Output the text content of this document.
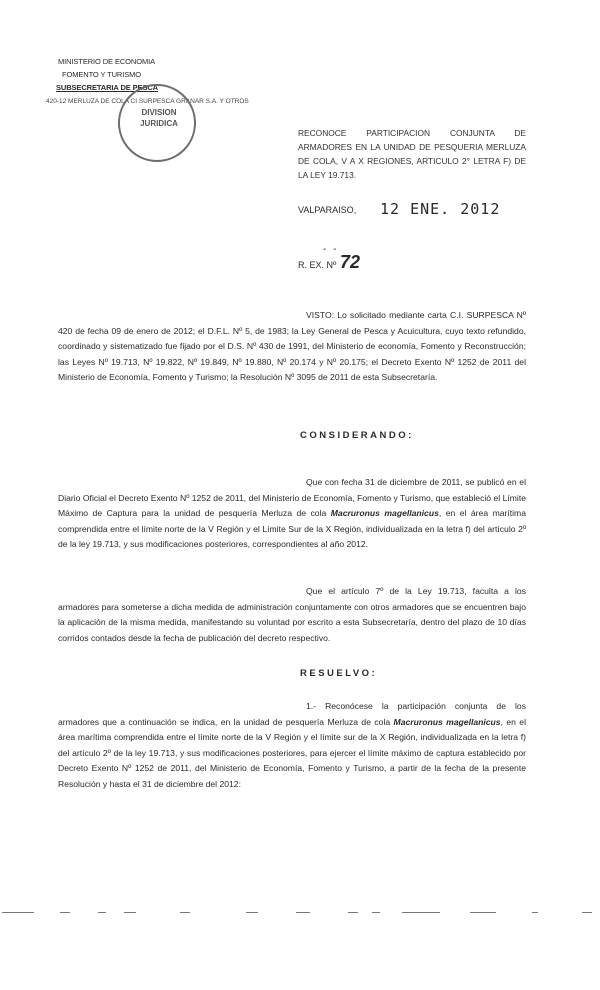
MINISTERIO DE ECONOMIA
FOMENTO Y TURISMO
SUBSECRETARIA DE PESCA
420-12 MERLUZA DE COLA CI SURPESCA GRANAR S.A. Y OTROS
DIVISION
JURIDICA
RECONOCE PARTICIPACION CONJUNTA DE ARMADORES EN LA UNIDAD DE PESQUERIA MERLUZA DE COLA, V A X REGIONES, ARTICULO 2° LETRA F) DE LA LEY 19.713.
VALPARAISO, 12 ENE. 2012
- -
R. EX. Nº 72
VISTO: Lo solicitado mediante carta C.I. SURPESCA Nº 420 de fecha 09 de enero de 2012; el D.F.L. Nº 5, de 1983; la Ley General de Pesca y Acuicultura, cuyo texto refundido, coordinado y sistematizado fue fijado por el D.S. Nº 430 de 1991, del Ministerio de economía, Fomento y Reconstrucción; las Leyes Nº 19.713, Nº 19.822, Nº 19.849, Nº 19.880, Nº 20.174 y Nº 20.175; el Decreto Exento Nº 1252 de 2011 del Ministerio de Economía, Fomento y Turismo; la Resolución Nº 3095 de 2011 de esta Subsecretaría.
CONSIDERANDO:
Que con fecha 31 de diciembre de 2011, se publicó en el Diario Oficial el Decreto Exento Nº 1252 de 2011, del Ministerio de Economía, Fomento y Turismo, que estableció el Límite Máximo de Captura para la unidad de pesquería Merluza de cola Macruronus magellanicus, en el área marítima comprendida entre el límite norte de la V Región y el Límite Sur de la X Región, individualizada en la letra f) del artículo 2º de la ley 19.713, y sus modificaciones posteriores, correspondientes al año 2012.
Que el artículo 7º de la Ley 19.713, faculta a los armadores para someterse a dicha medida de administración conjuntamente con otros armadores que se encuentren bajo la aplicación de la misma medida, manifestando su voluntad por escrito a esta Subsecretaría, dentro del plazo de 10 días corridos contados desde la fecha de publicación del decreto respectivo.
RESUELVO:
1.- Reconócese la participación conjunta de los armadores que a continuación se indica, en la unidad de pesquería Merluza de cola Macruronus magellanicus, en el área marítima comprendida entre el límite norte de la V Región y el límite sur de la X Región, individualizada en la letra f) del artículo 2º de la ley 19.713, y sus modificaciones posteriores, para ejercer el límite máximo de captura establecido por Decreto Exento Nº 1252 de 2011, del Ministerio de Economía, Fomento y Turismo, a partir de la fecha de la presente Resolución y hasta el 31 de diciembre del 2012:
